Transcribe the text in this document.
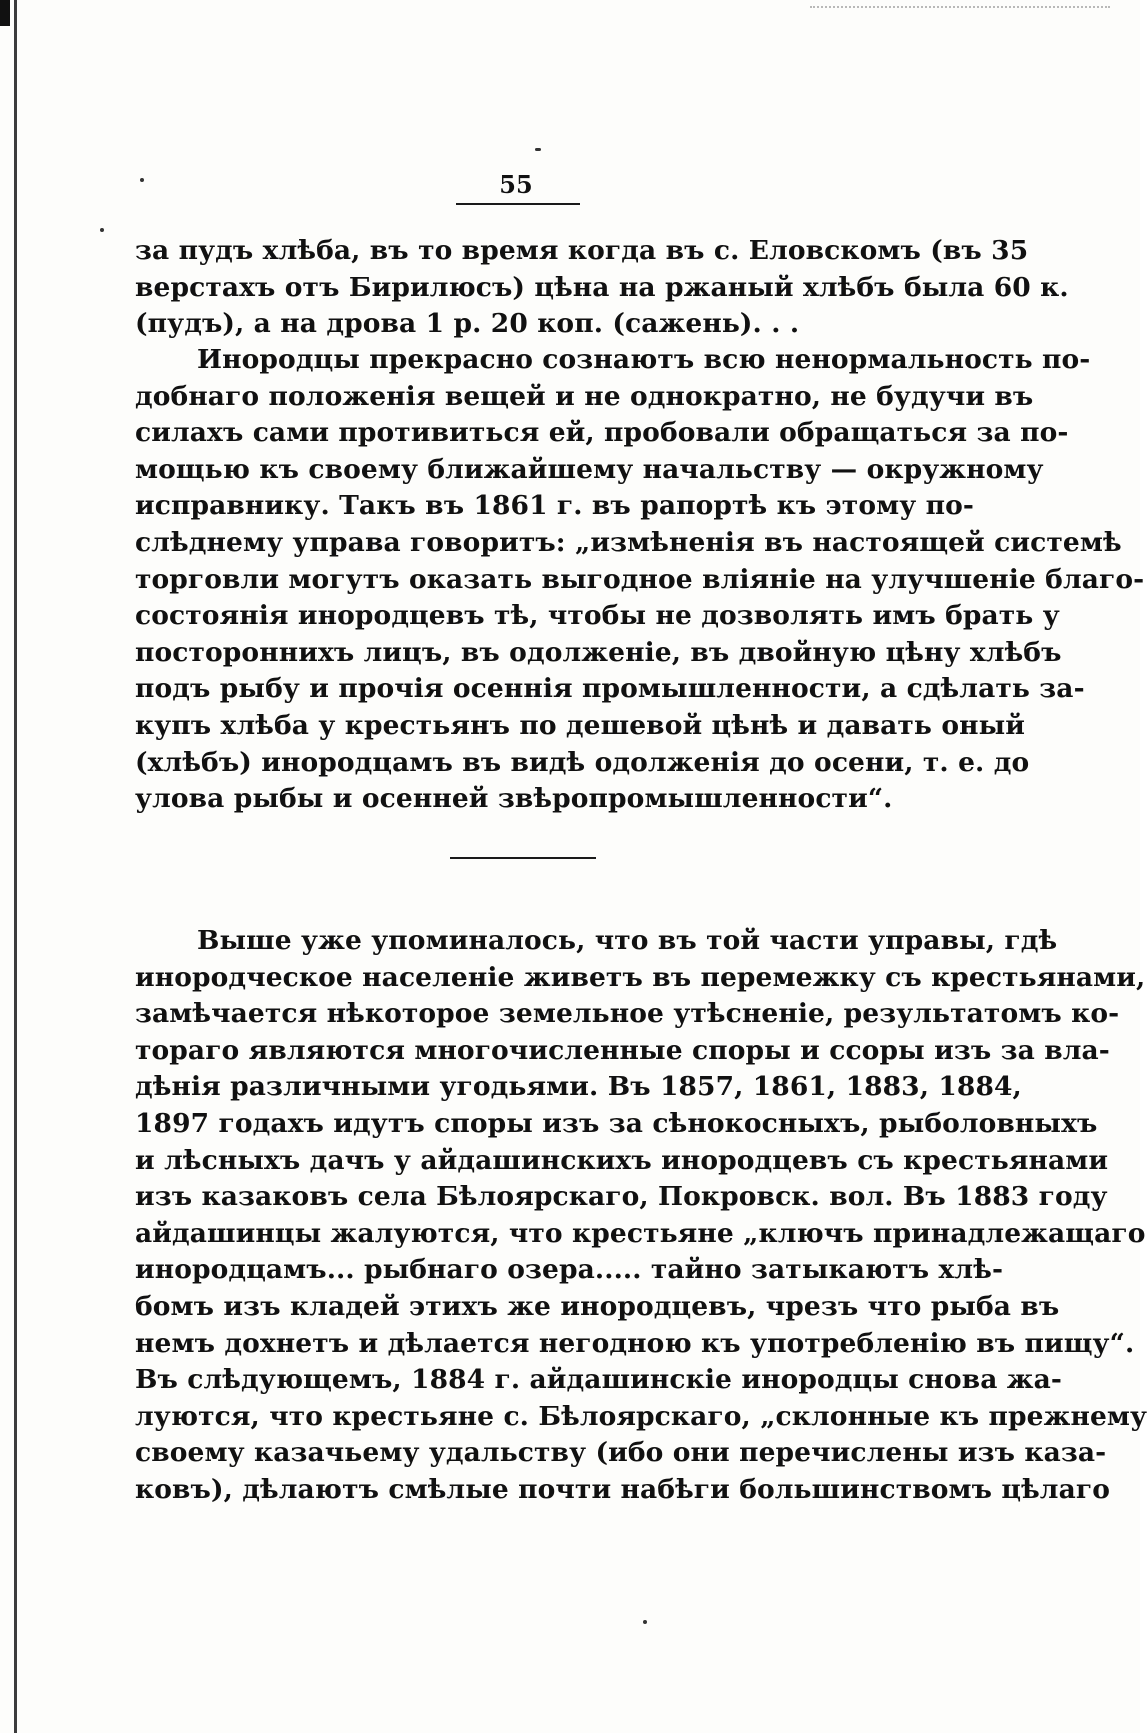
55
за пудъ хлѣба, въ то время когда въ с. Еловскомъ (въ 35
верстахъ отъ Бирилюсъ) цѣна на ржаный хлѣбъ была 60 к.
(пудъ), а на дрова 1 р. 20 коп. (сажень). . .
Инородцы прекрасно сознаютъ всю ненормальность по-
добнаго положенія вещей и не однократно, не будучи въ
силахъ сами противиться ей, пробовали обращаться за по-
мощью къ своему ближайшему начальству — окружному
исправнику. Такъ въ 1861 г. въ рапортѣ къ этому по-
слѣднему управа говоритъ: „измѣненія въ настоящей системѣ
торговли могутъ оказать выгодное вліяніе на улучшеніе благо-
состоянія инородцевъ тѣ, чтобы не дозволять имъ брать у
постороннихъ лицъ, въ одолженіе, въ двойную цѣну хлѣбъ
подъ рыбу и прочія осеннія промышленности, а сдѣлать за-
купъ хлѣба у крестьянъ по дешевой цѣнѣ и давать оный
(хлѣбъ) инородцамъ въ видѣ одолженія до осени, т. е. до
улова рыбы и осенней звѣропромышленности“.
Выше уже упоминалось, что въ той части управы, гдѣ
инородческое населеніе живетъ въ перемежку съ крестьянами,
замѣчается нѣкоторое земельное утѣсненіе, результатомъ ко-
тораго являются многочисленные споры и ссоры изъ за вла-
дѣнія различными угодьями. Въ 1857, 1861, 1883, 1884,
1897 годахъ идутъ споры изъ за сѣнокосныхъ, рыболовныхъ
и лѣсныхъ дачъ у айдашинскихъ инородцевъ съ крестьянами
изъ казаковъ села Бѣлоярскаго, Покровск. вол. Въ 1883 году
айдашинцы жалуются, что крестьяне „ключъ принадлежащаго
инородцамъ... рыбнаго озера..... тайно затыкаютъ хлѣ-
бомъ изъ кладей этихъ же инородцевъ, чрезъ что рыба въ
немъ дохнетъ и дѣлается негодною къ употребленію въ пищу“.
Въ слѣдующемъ, 1884 г. айдашинскіе инородцы снова жа-
луются, что крестьяне с. Бѣлоярскаго, „склонные къ прежнему
своему казачьему удальству (ибо они перечислены изъ каза-
ковъ), дѣлаютъ смѣлые почти набѣги большинствомъ цѣлаго
